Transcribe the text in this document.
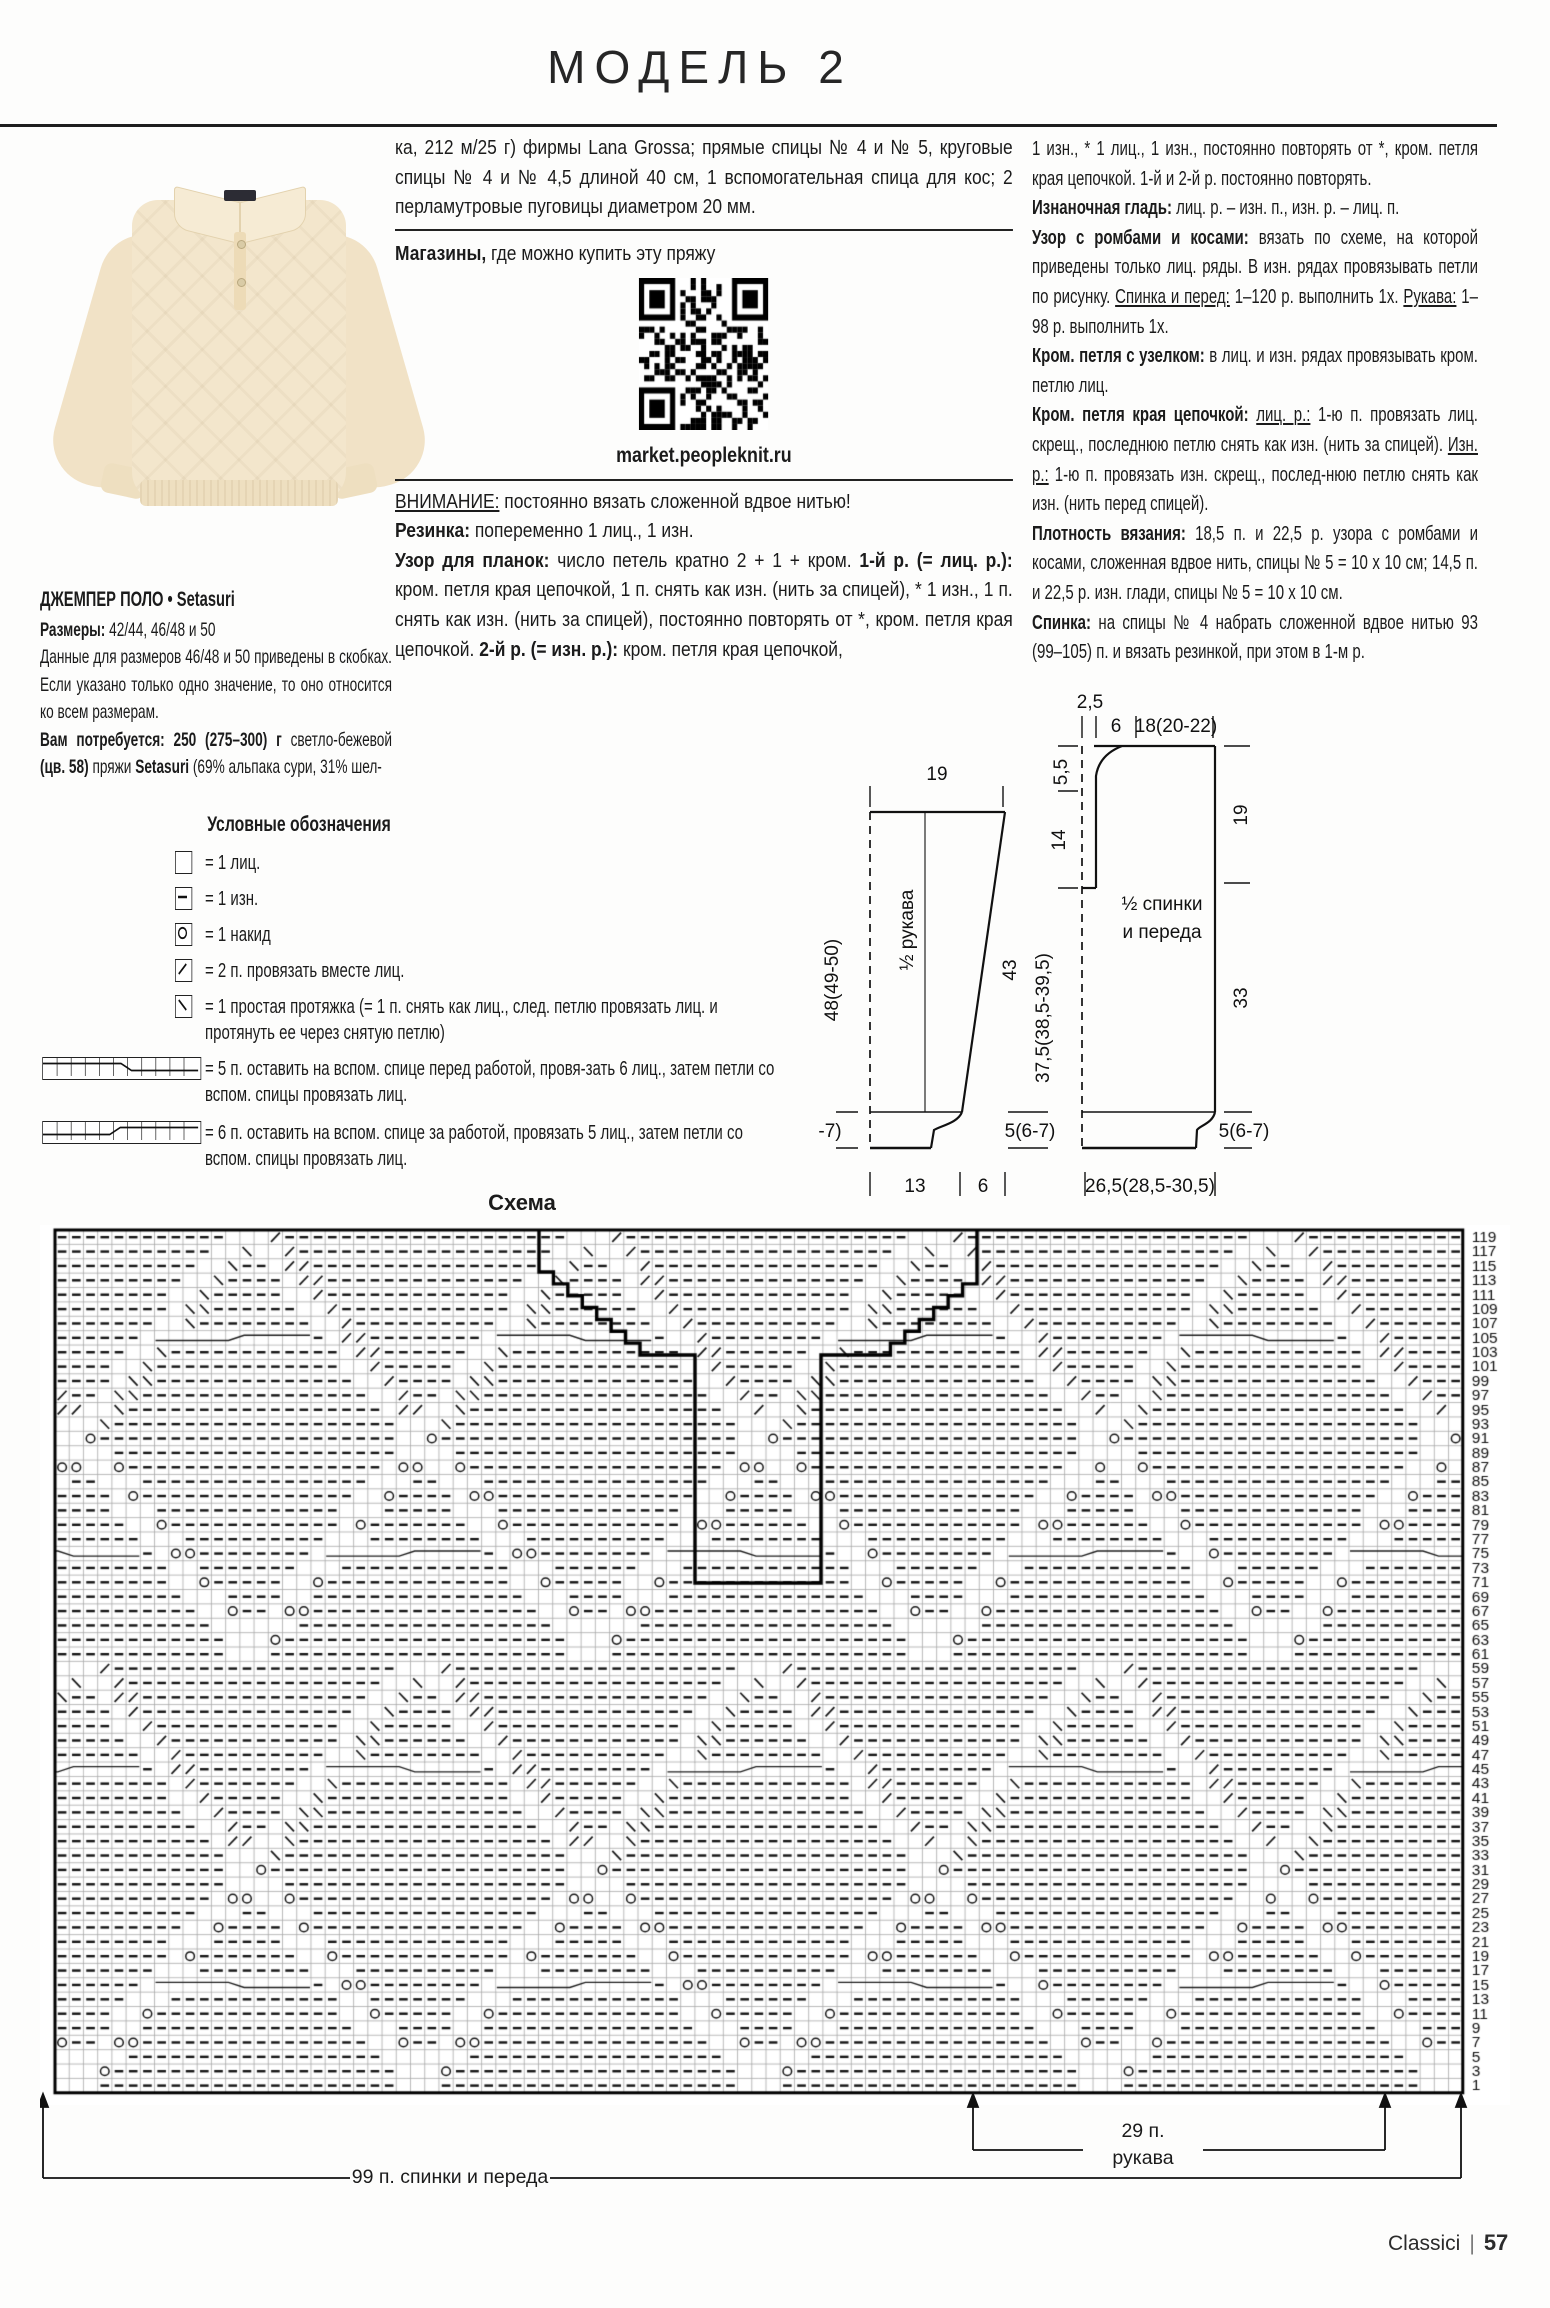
МОДЕЛЬ 2
ДЖЕМПЕР ПОЛО • Setasuri

Размеры: 42/44, 46/48 и 50

Данные для размеров 46/48 и 50 приведены в скобках. Если указано только одно значение, то оно относится ко всем размерам.

Вам потребуется: 250 (275–300) г светло-бежевой (цв. 58) пряжи Setasuri (69% альпака сури, 31% шел-

ка, 212 м/25 г) фирмы Lana Grossa; прямые спицы № 4 и № 5, круговые спицы № 4 и № 4,5 длиной 40 см, 1 вспомогательная спица для кос; 2 перламутровые пуговицы диаметром 20 мм.

Магазины, где можно купить эту пряжу

market.peopleknit.ru

ВНИМАНИЕ: постоянно вязать сложенной вдвое нитью!

Резинка: попеременно 1 лиц., 1 изн.

Узор для планок: число петель кратно 2 + 1 + кром. 1-й р. (= лиц. р.): кром. петля края цепочкой, 1 п. снять как изн. (нить за спицей), * 1 изн., 1 п. снять как изн. (нить за спицей), постоянно повторять от *, кром. петля края цепочкой. 2-й р. (= изн. р.): кром. петля края цепочкой,

1 изн., * 1 лиц., 1 изн., постоянно повторять от *, кром. петля края цепочкой. 1-й и 2-й р. постоянно повторять.

Изнаночная гладь: лиц. р. – изн. п., изн. р. – лиц. п.

Узор с ромбами и косами: вязать по схеме, на которой приведены только лиц. ряды. В изн. рядах провязывать петли по рисунку. Спинка и перед: 1–120 р. выполнить 1х. Рукава: 1–98 р. выполнить 1х.

Кром. петля с узелком: в лиц. и изн. рядах провязывать кром. петлю лиц.

Кром. петля края цепочкой: лиц. р.: 1-ю п. провязать лиц. скрещ., последнюю петлю снять как изн. (нить за спицей). Изн. р.: 1-ю п. провязать изн. скрещ., послед-нюю петлю снять как изн. (нить перед спицей).

Плотность вязания: 18,5 п. и 22,5 р. узора с ромбами и косами, сложенная вдвое нить, спицы № 5 = 10 х 10 см; 14,5 п. и 22,5 р. изн. глади, спицы № 5 = 10 х 10 см.

Спинка: на спицы № 4 набрать сложенной вдвое нитью 93 (99–105) п. и вязать резинкой, при этом в 1-м р.

Условные обозначения
= 1 лиц.
= 1 изн.
= 1 накид
= 2 п. провязать вместе лиц.
= 1 простая протяжка (= 1 п. снять как лиц., след. петлю провязать лиц. и протянуть ее через снятую петлю)
= 5 п. оставить на вспом. спице перед работой, провя-зать 6 лиц., затем петли со вспом. спицы провязать лиц.
= 6 п. оставить на вспом. спице за работой, провязать 5 лиц., затем петли со вспом. спицы провязать лиц.
19
½ рукава
48(49-50)	43
-7)	5(6-7)
13	6
2,5
6 18(20-22)
5,5
14
37,5(38,5-39,5)
19
33
5(6-7)
½ спинки
и переда
26,5(28,5-30,5)
Схема
29 п.
рукава
99 п. спинки и переда
Classici | 57
